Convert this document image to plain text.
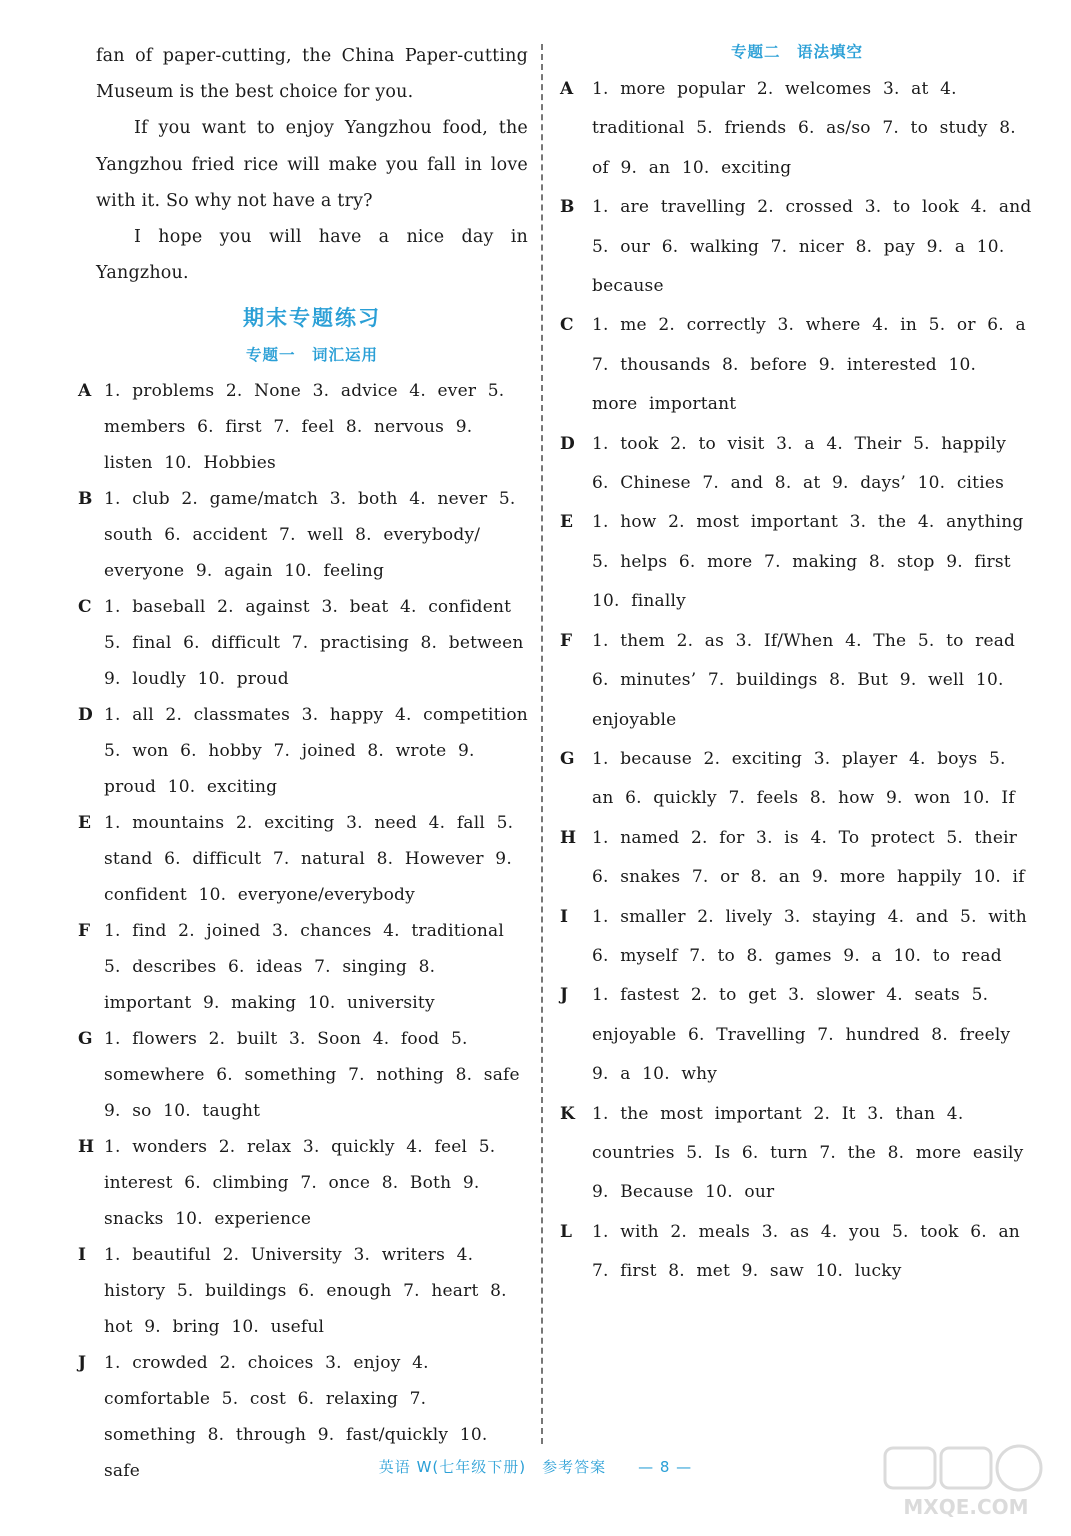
fan of paper-cutting, the China Paper-cutting Museum is the best choice for you.

If you want to enjoy Yangzhou food, the Yangzhou fried rice will make you fall in love with it. So why not have a try?

I hope you will have a nice day in Yangzhou.

期末专题练习
专题一　词汇运用
A 1. problems 2. None 3. advice 4. ever 5. members 6. first 7. feel 8. nervous 9. listen 10. Hobbies
B 1. club 2. game/match 3. both 4. never 5. south 6. accident 7. well 8. everybody/ everyone 9. again 10. feeling
C 1. baseball 2. against 3. beat 4. confident 5. final 6. difficult 7. practising 8. between 9. loudly 10. proud
D 1. all 2. classmates 3. happy 4. competition 5. won 6. hobby 7. joined 8. wrote 9. proud 10. exciting
E 1. mountains 2. exciting 3. need 4. fall 5. stand 6. difficult 7. natural 8. However 9. confident 10. everyone/everybody
F 1. find 2. joined 3. chances 4. traditional 5. describes 6. ideas 7. singing 8. important 9. making 10. university
G 1. flowers 2. built 3. Soon 4. food 5. somewhere 6. something 7. nothing 8. safe 9. so 10. taught
H 1. wonders 2. relax 3. quickly 4. feel 5. interest 6. climbing 7. once 8. Both 9. snacks 10. experience
I 1. beautiful 2. University 3. writers 4. history 5. buildings 6. enough 7. heart 8. hot 9. bring 10. useful
J 1. crowded 2. choices 3. enjoy 4. comfortable 5. cost 6. relaxing 7. something 8. through 9. fast/quickly 10. safe
专题二　语法填空
A 1. more popular 2. welcomes 3. at 4. traditional 5. friends 6. as/so 7. to study 8. of 9. an 10. exciting
B 1. are travelling 2. crossed 3. to look 4. and 5. our 6. walking 7. nicer 8. pay 9. a 10. because
C 1. me 2. correctly 3. where 4. in 5. or 6. a 7. thousands 8. before 9. interested 10. more important
D 1. took 2. to visit 3. a 4. Their 5. happily 6. Chinese 7. and 8. at 9. days’ 10. cities
E 1. how 2. most important 3. the 4. anything 5. helps 6. more 7. making 8. stop 9. first 10. finally
F 1. them 2. as 3. If/When 4. The 5. to read 6. minutes’ 7. buildings 8. But 9. well 10. enjoyable
G 1. because 2. exciting 3. player 4. boys 5. an 6. quickly 7. feels 8. how 9. won 10. If
H 1. named 2. for 3. is 4. To protect 5. their 6. snakes 7. or 8. an 9. more happily 10. if
I 1. smaller 2. lively 3. staying 4. and 5. with 6. myself 7. to 8. games 9. a 10. to read
J 1. fastest 2. to get 3. slower 4. seats 5. enjoyable 6. Travelling 7. hundred 8. freely 9. a 10. why
K 1. the most important 2. It 3. than 4. countries 5. Is 6. turn 7. the 8. more easily 9. Because 10. our
L 1. with 2. meals 3. as 4. you 5. took 6. an 7. first 8. met 9. saw 10. lucky
英语 W(七年级下册)　参考答案　　— 8 —
MXQE.COM
